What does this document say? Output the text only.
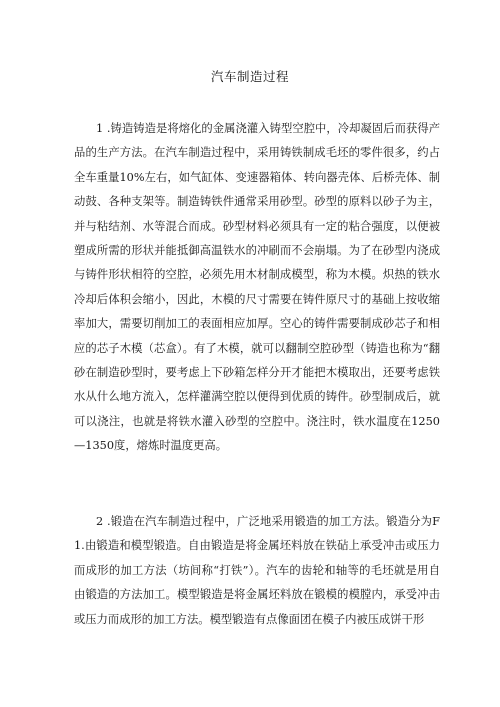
汽车制造过程

1 .铸造铸造是将熔化的金属浇灌入铸型空腔中，冷却凝固后而获得产品的生产方法。在汽车制造过程中，采用铸铁制成毛坯的零件很多，约占全车重量10%左右，如气缸体、变速器箱体、转向器壳体、后桥壳体、制动鼓、各种支架等。制造铸铁件通常采用砂型。砂型的原料以砂子为主，并与粘结剂、水等混合而成。砂型材料必须具有一定的粘合强度，以便被塑成所需的形状并能抵御高温铁水的冲刷而不会崩塌。为了在砂型内浇成与铸件形状相符的空腔，必须先用木材制成模型，称为木模。炽热的铁水冷却后体积会缩小，因此，木模的尺寸需要在铸件原尺寸的基础上按收缩率加大，需要切削加工的表面相应加厚。空心的铸件需要制成砂芯子和相应的芯子木模（芯盒）。有了木模，就可以翻制空腔砂型（铸造也称为“翻砂在制造砂型时，要考虑上下砂箱怎样分开才能把木模取出，还要考虑铁水从什么地方流入，怎样灌满空腔以便得到优质的铸件。砂型制成后，就可以浇注，也就是将铁水灌入砂型的空腔中。浇注时，铁水温度在1250—1350度，熔炼时温度更高。

2 .锻造在汽车制造过程中，广泛地采用锻造的加工方法。锻造分为F1.由锻造和模型锻造。自由锻造是将金属坯料放在铁砧上承受冲击或压力而成形的加工方法（坊间称“打铁”）。汽车的齿轮和轴等的毛坯就是用自由锻造的方法加工。模型锻造是将金属坯料放在锻模的模膛内，承受冲击或压力而成形的加工方法。模型锻造有点像面团在模子内被压成饼干形
